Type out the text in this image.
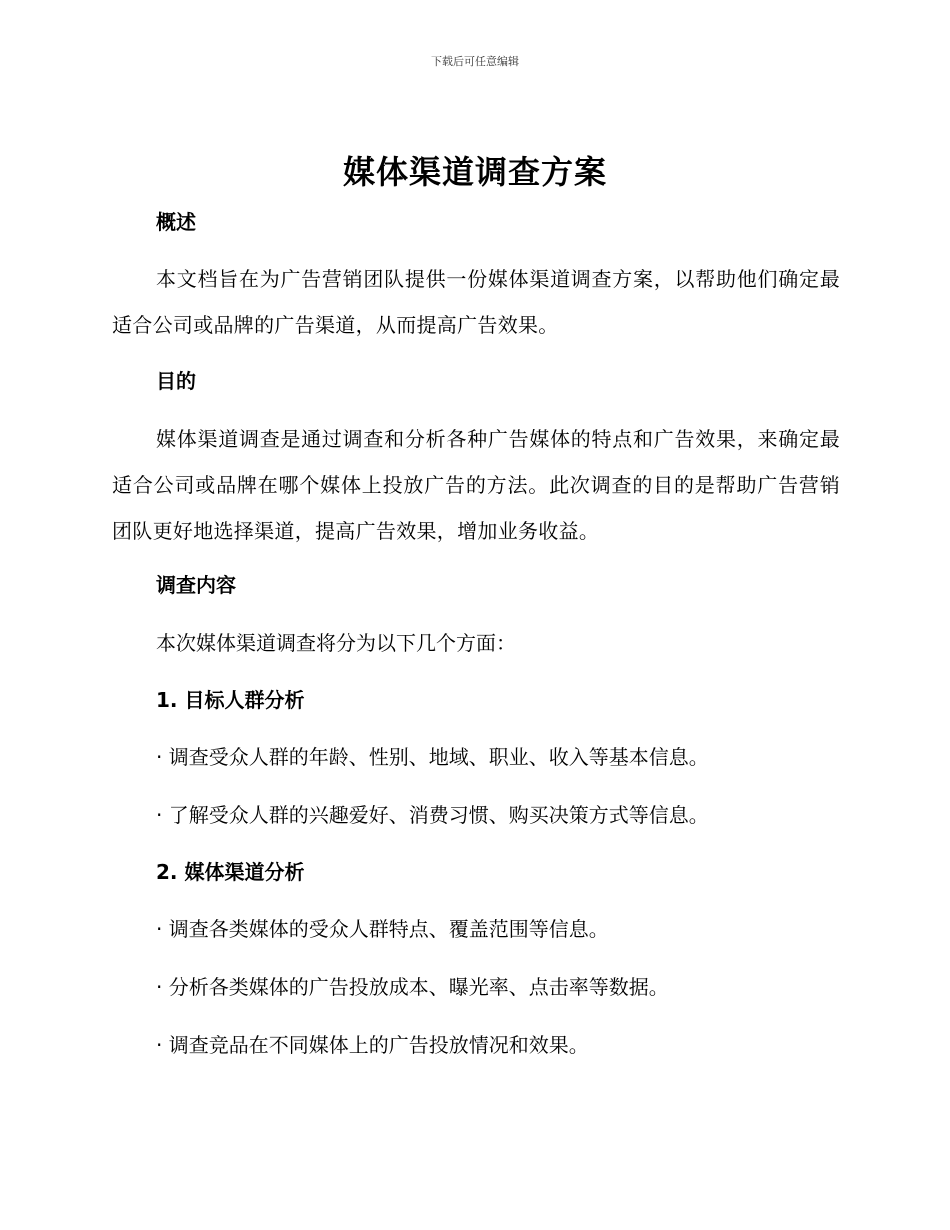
下载后可任意编辑
媒体渠道调查方案
概述
本文档旨在为广告营销团队提供一份媒体渠道调查方案，以帮助他们确定最适合公司或品牌的广告渠道，从而提高广告效果。
目的
媒体渠道调查是通过调查和分析各种广告媒体的特点和广告效果，来确定最适合公司或品牌在哪个媒体上投放广告的方法。此次调查的目的是帮助广告营销团队更好地选择渠道，提高广告效果，增加业务收益。
调查内容
本次媒体渠道调查将分为以下几个方面：
1. 目标人群分析
· 调查受众人群的年龄、性别、地域、职业、收入等基本信息。
· 了解受众人群的兴趣爱好、消费习惯、购买决策方式等信息。
2. 媒体渠道分析
· 调查各类媒体的受众人群特点、覆盖范围等信息。
· 分析各类媒体的广告投放成本、曝光率、点击率等数据。
· 调查竞品在不同媒体上的广告投放情况和效果。
